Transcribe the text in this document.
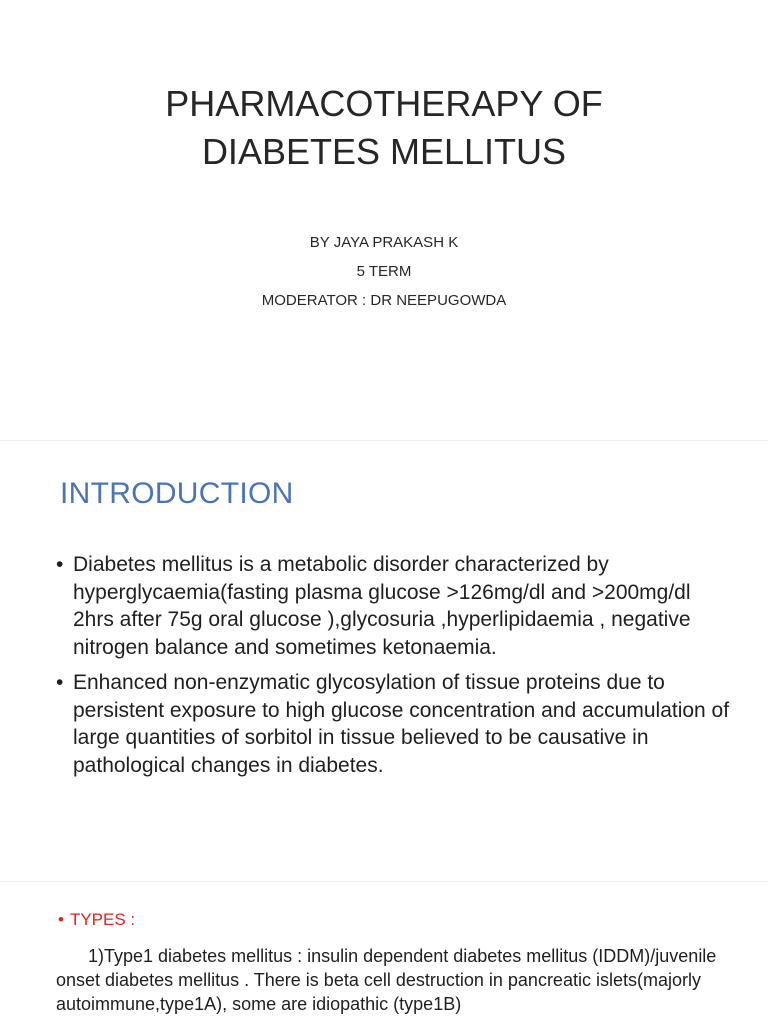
PHARMACOTHERAPY OF
DIABETES MELLITUS
BY JAYA PRAKASH K
5 TERM
MODERATOR : DR NEEPUGOWDA
INTRODUCTION
• Diabetes mellitus is a metabolic disorder characterized by hyperglycaemia(fasting plasma glucose >126mg/dl and >200mg/dl 2hrs after 75g oral glucose ),glycosuria ,hyperlipidaemia , negative nitrogen balance and sometimes ketonaemia.
• Enhanced non-enzymatic glycosylation of tissue proteins due to persistent exposure to high glucose concentration and accumulation of large quantities of sorbitol in tissue believed to be causative in pathological changes in diabetes.
• TYPES :

1)Type1 diabetes mellitus : insulin dependent diabetes mellitus (IDDM)/juvenile onset diabetes mellitus . There is beta cell destruction in pancreatic islets(majorly autoimmune,type1A), some are idiopathic (type1B)
